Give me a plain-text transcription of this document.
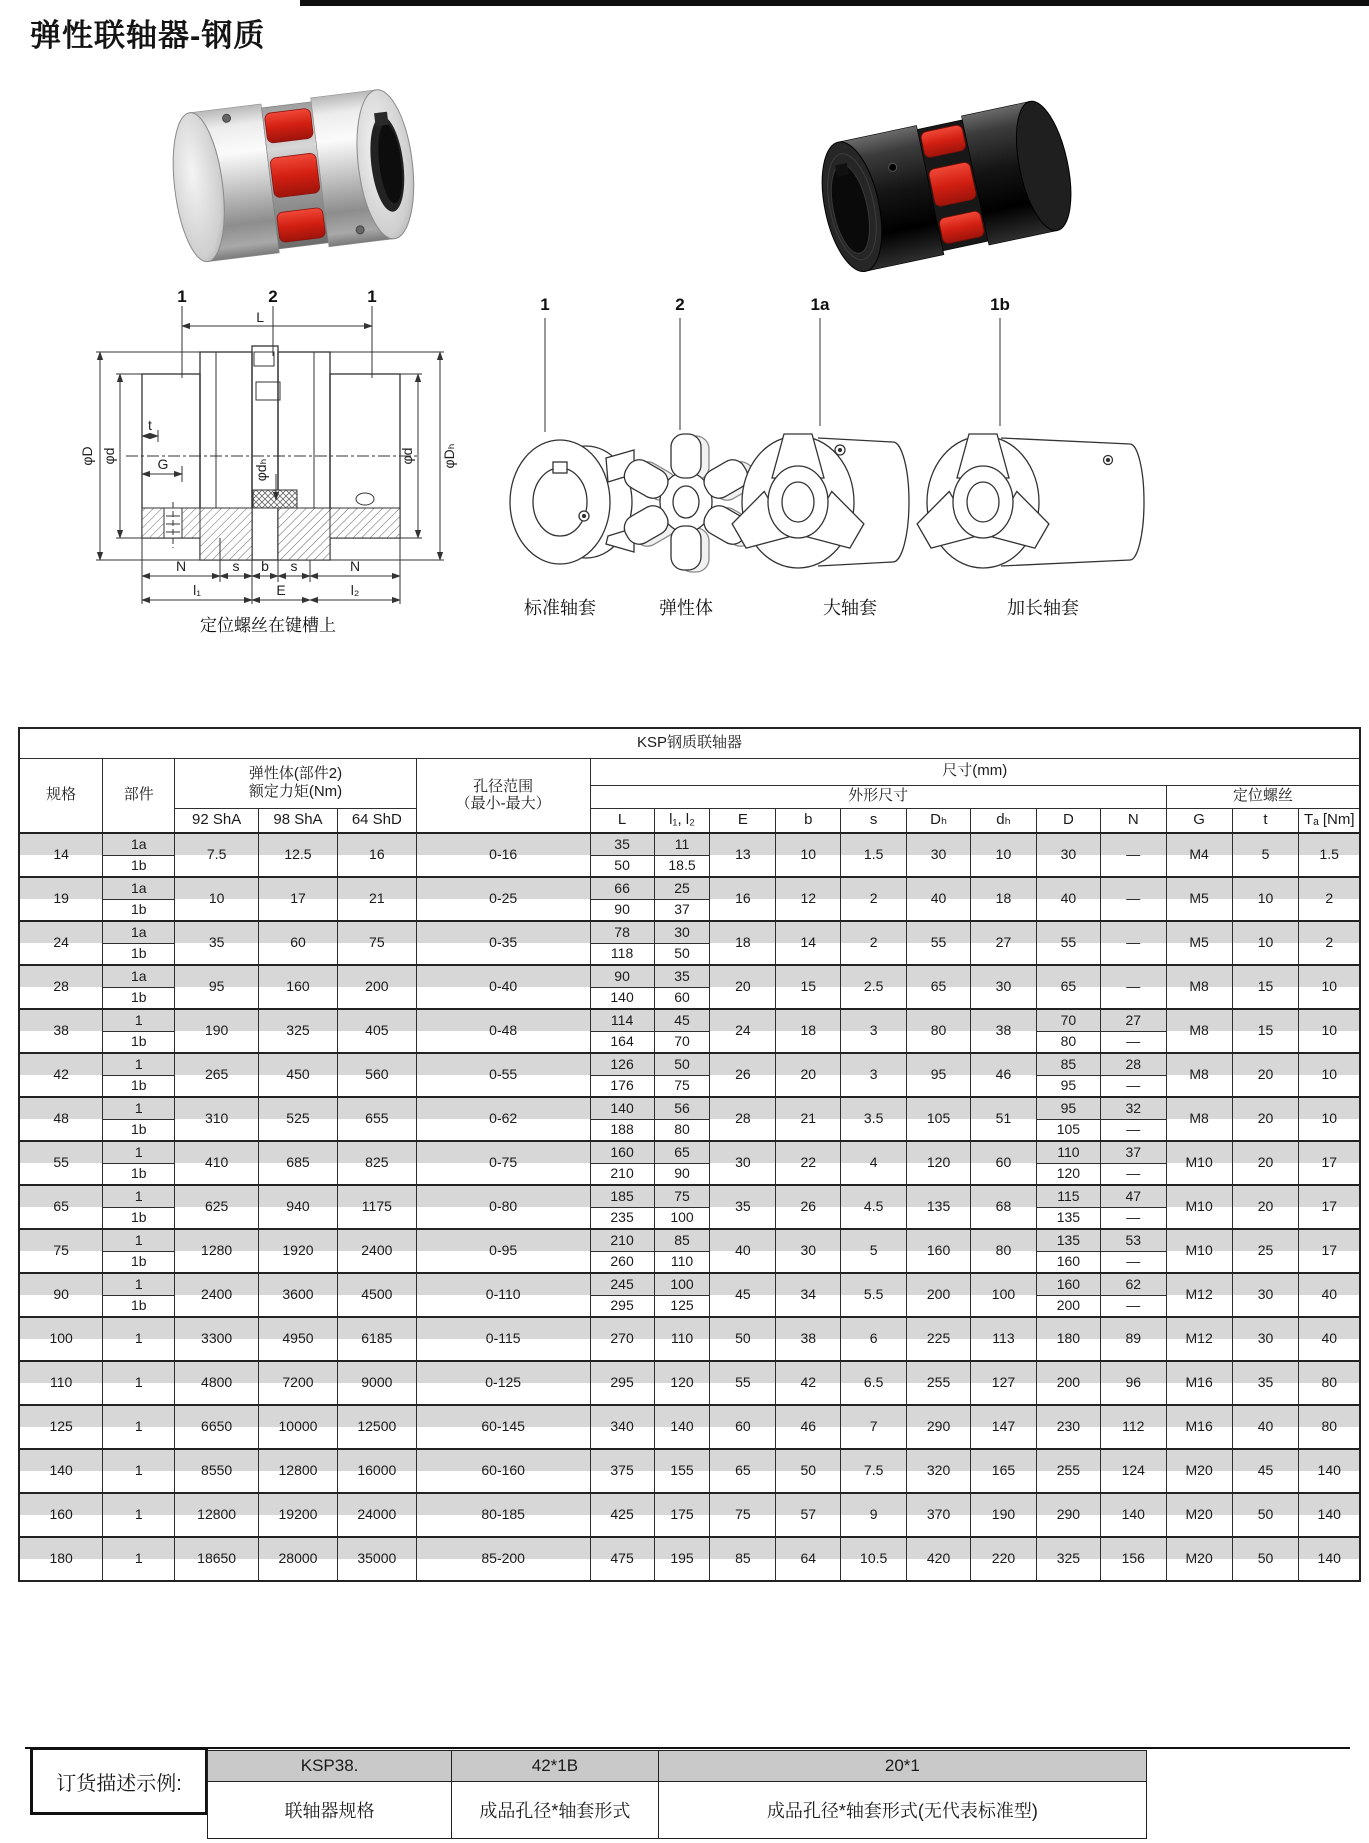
弹性联轴器-钢质
1	2	1
L
φD φd	φd φDₕ
t
G	φdₕ
N	s b s	N
l₁	E	l₂
定位螺丝在键槽上
1	2	1a	1b
标准轴套	弹性体	大轴套	加长轴套
KSP钢质联轴器																	
规格	部件	
弹性体(部件2)
额定力矩(Nm)	孔径范围
（最小-最大）
	尺寸(mm)
						外形尺寸									定位螺丝		
		92 ShA	98 ShA	64 ShD		L	l₁, l₂	E	b	s	Dₕ	dₕ	D	N	G	t	Tₐ [Nm]
14	1a	7.5	12.5	16	0-16	35	11	13	10	1.5	30	10	30	—	M4	5	1.5
	1b					50	18.5										
19	1a	10	17	21	0-25	66	25	16	12	2	40	18	40	—	M5	10	2
	1b					90	37										
24	1a	35	60	75	0-35	78	30	18	14	2	55	27	55	—	M5	10	2
	1b					118	50										
28	1a	95	160	200	0-40	90	35	20	15	2.5	65	30	65	—	M8	15	10
	1b					140	60										
38	1	190	325	405	0-48	114	45	24	18	3	80	38	70	27	M8	15	10
	1b					164	70						80	—			
42	1	265	450	560	0-55	126	50	26	20	3	95	46	85	28	M8	20	10
	1b					176	75						95	—			
48	1	310	525	655	0-62	140	56	28	21	3.5	105	51	95	32	M8	20	10
	1b					188	80						105	—			
55	1	410	685	825	0-75	160	65	30	22	4	120	60	110	37	M10	20	17
	1b					210	90						120	—			
65	1	625	940	1175	0-80	185	75	35	26	4.5	135	68	115	47	M10	20	17
	1b					235	100						135	—			
75	1	1280	1920	2400	0-95	210	85	40	30	5	160	80	135	53	M10	25	17
	1b					260	110						160	—			
90	1	2400	3600	4500	0-110	245	100	45	34	5.5	200	100	160	62	M12	30	40
	1b					295	125						200	—			
100	1	3300	4950	6185	0-115	270	110	50	38	6	225	113	180	89	M12	30	40
110	1	4800	7200	9000	0-125	295	120	55	42	6.5	255	127	200	96	M16	35	80
125	1	6650	10000	12500	60-145	340	140	60	46	7	290	147	230	112	M16	40	80
140	1	8550	12800	16000	60-160	375	155	65	50	7.5	320	165	255	124	M20	45	140
160	1	12800	19200	24000	80-185	425	175	75	57	9	370	190	290	140	M20	50	140
180	1	18650	28000	35000	85-200	475	195	85	64	10.5	420	220	325	156	M20	50	140
订货描述示例:
KSP38.	42*1B	20*1
联轴器规格	成品孔径*轴套形式	成品孔径*轴套形式(无代表标准型)
